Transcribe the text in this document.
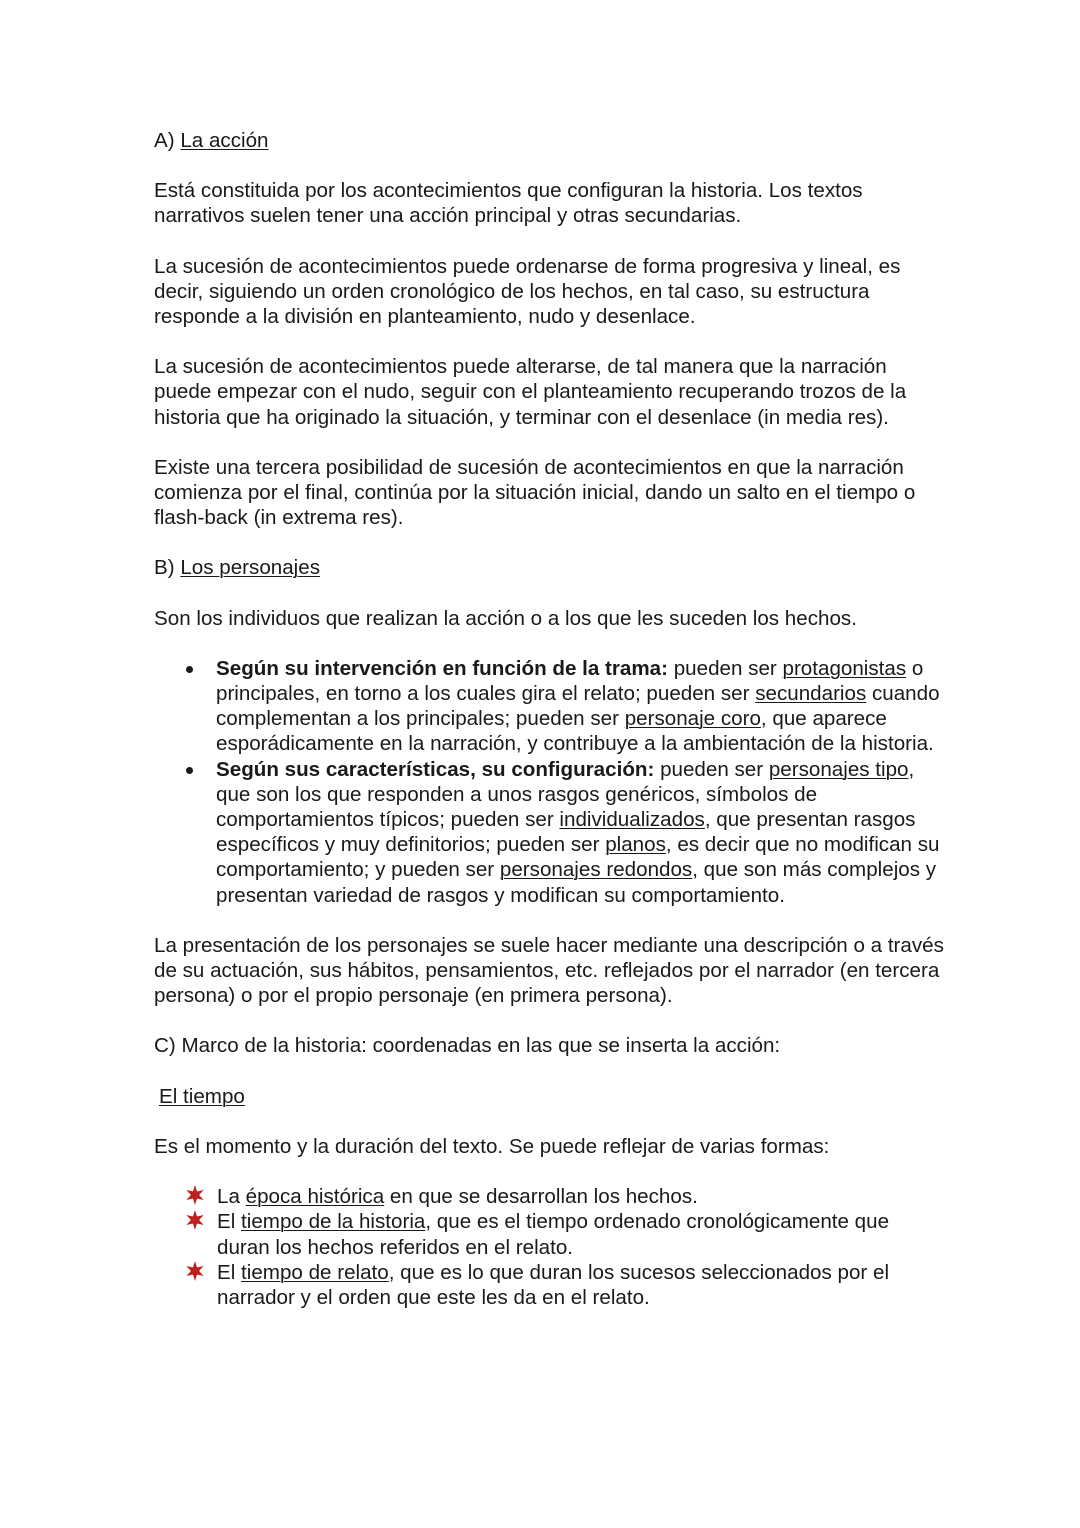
A) La acción

Está constituida por los acontecimientos que configuran la historia. Los textos narrativos suelen tener una acción principal y otras secundarias.

La sucesión de acontecimientos puede ordenarse de forma progresiva y lineal, es decir, siguiendo un orden cronológico de los hechos, en tal caso, su estructura responde a la división en planteamiento, nudo y desenlace.

La sucesión de acontecimientos puede alterarse, de tal manera que la narración puede empezar con el nudo, seguir con el planteamiento recuperando trozos de la historia que ha originado la situación, y terminar con el desenlace (in media res).

Existe una tercera posibilidad de sucesión de acontecimientos en que la narración comienza por el final, continúa por la situación inicial, dando un salto en el tiempo o flash-back (in extrema res).

B) Los personajes

Son los individuos que realizan la acción o a los que les suceden los hechos.

Según su intervención en función de la trama: pueden ser protagonistas o principales, en torno a los cuales gira el relato; pueden ser secundarios cuando complementan a los principales; pueden ser personaje coro, que aparece esporádicamente en la narración, y contribuye a la ambientación de la historia.
Según sus características, su configuración: pueden ser personajes tipo, que son los que responden a unos rasgos genéricos, símbolos de comportamientos típicos; pueden ser individualizados, que presentan rasgos específicos y muy definitorios; pueden ser planos, es decir que no modifican su comportamiento; y pueden ser personajes redondos, que son más complejos y presentan variedad de rasgos y modifican su comportamiento.

La presentación de los personajes se suele hacer mediante una descripción o a través de su actuación, sus hábitos, pensamientos, etc. reflejados por el narrador (en tercera persona) o por el propio personaje (en primera persona).

C) Marco de la historia: coordenadas en las que se inserta la acción:

El tiempo

Es el momento y la duración del texto. Se puede reflejar de varias formas:

La época histórica en que se desarrollan los hechos.
El tiempo de la historia, que es el tiempo ordenado cronológicamente que duran los hechos referidos en el relato.
El tiempo de relato, que es lo que duran los sucesos seleccionados por el narrador y el orden que este les da en el relato.
